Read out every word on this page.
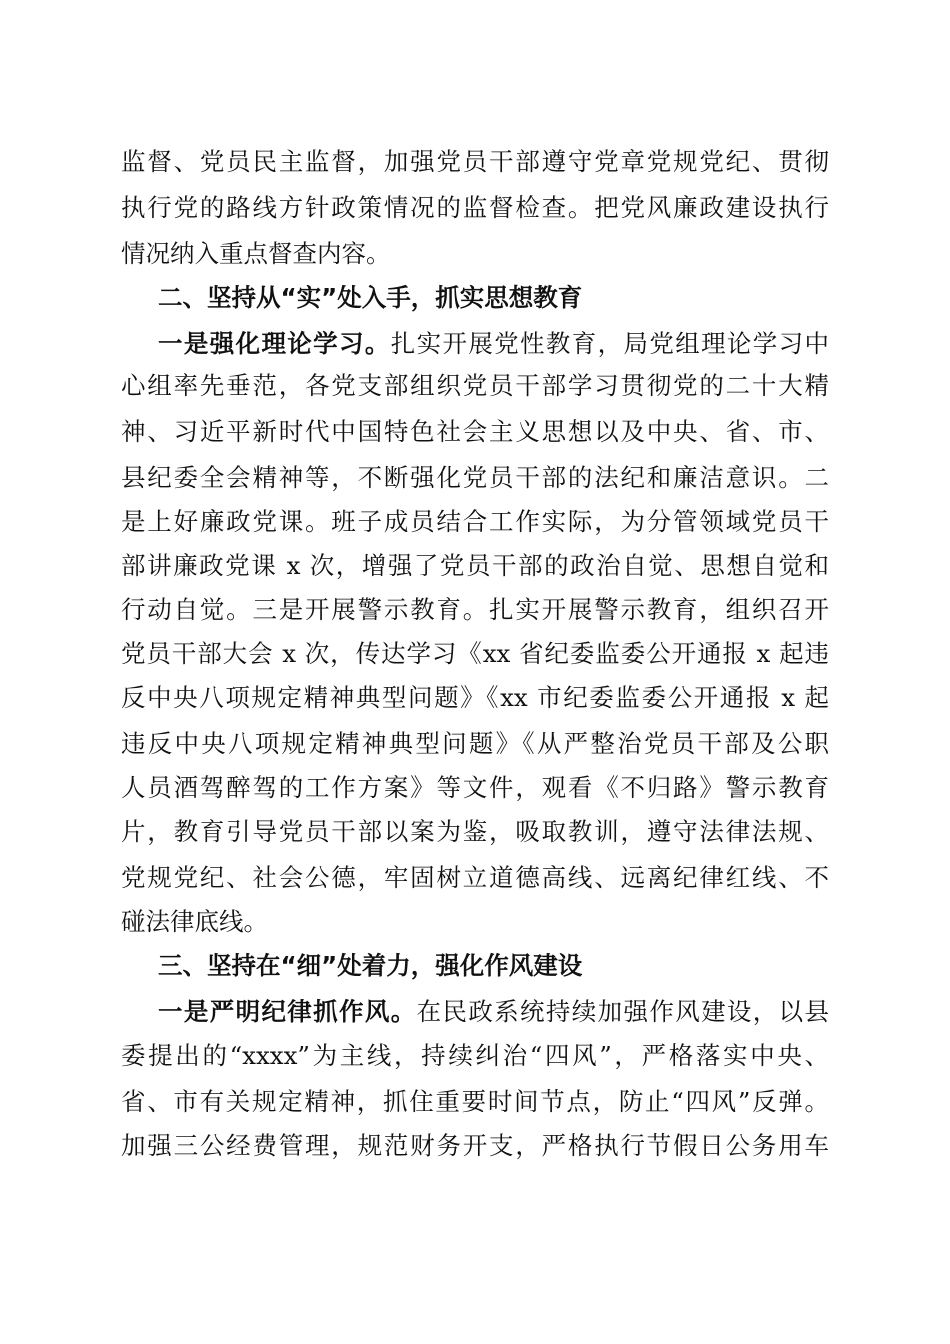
监督、党员民主监督，加强党员干部遵守党章党规党纪、贯彻
执行党的路线方针政策情况的监督检查。把党风廉政建设执行
情况纳入重点督查内容。
二、坚持从“实”处入手，抓实思想教育
一是强化理论学习。扎实开展党性教育，局党组理论学习中
心组率先垂范，各党支部组织党员干部学习贯彻党的二十大精
神、习近平新时代中国特色社会主义思想以及中央、省、市、
县纪委全会精神等，不断强化党员干部的法纪和廉洁意识。二
是上好廉政党课。班子成员结合工作实际，为分管领域党员干
部讲廉政党课 x 次，增强了党员干部的政治自觉、思想自觉和
行动自觉。三是开展警示教育。扎实开展警示教育，组织召开
党员干部大会 x 次，传达学习《xx 省纪委监委公开通报 x 起违
反中央八项规定精神典型问题》《xx 市纪委监委公开通报 x 起
违反中央八项规定精神典型问题》《从严整治党员干部及公职
人员酒驾醉驾的工作方案》等文件，观看《不归路》警示教育
片，教育引导党员干部以案为鉴，吸取教训，遵守法律法规、
党规党纪、社会公德，牢固树立道德高线、远离纪律红线、不
碰法律底线。
三、坚持在“细”处着力，强化作风建设
一是严明纪律抓作风。在民政系统持续加强作风建设，以县
委提出的“xxxx”为主线，持续纠治“四风”，严格落实中央、
省、市有关规定精神，抓住重要时间节点，防止“四风”反弹。
加强三公经费管理，规范财务开支，严格执行节假日公务用车
